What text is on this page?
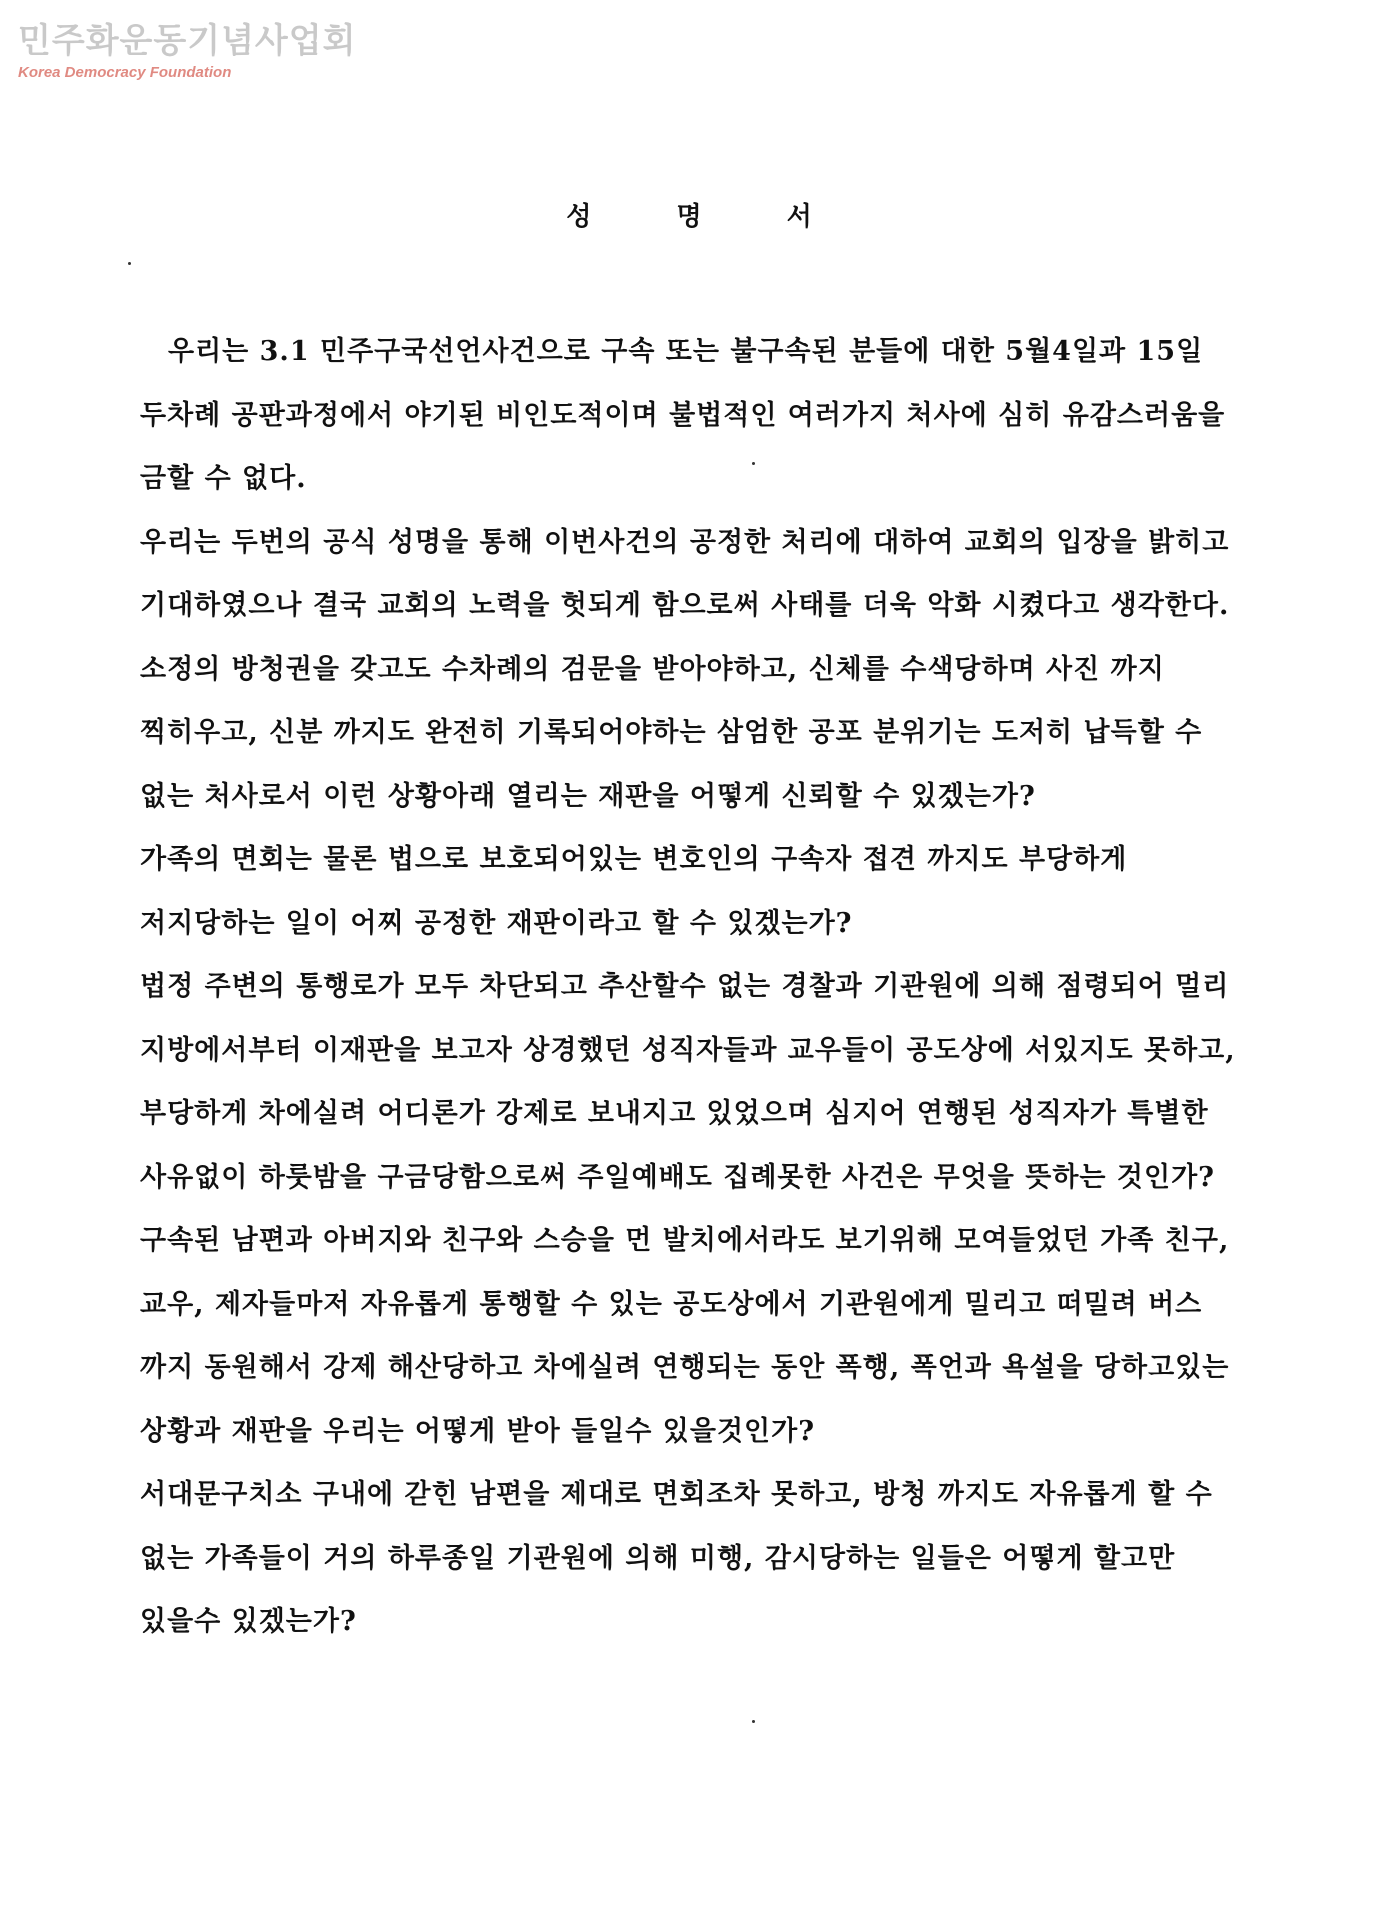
민주화운동기념사업회
Korea Democracy Foundation
성	명	서

우리는 3.1 민주구국선언사건으로 구속 또는 불구속된 분들에 대한 5월4일과 15일 두차례 공판과정에서 야기된 비인도적이며 불법적인 여러가지 처사에 심히 유감스러움을 금할 수 없다.

우리는 두번의 공식 성명을 통해 이번사건의 공정한 처리에 대하여 교회의 입장을 밝히고 기대하였으나 결국 교회의 노력을 헛되게 함으로써 사태를 더욱 악화 시켰다고 생각한다.

소정의 방청권을 갖고도 수차례의 검문을 받아야하고, 신체를 수색당하며 사진 까지 찍히우고, 신분 까지도 완전히 기록되어야하는 삼엄한 공포 분위기는 도저히 납득할 수 없는 처사로서 이런 상황아래 열리는 재판을 어떻게 신뢰할 수 있겠는가?

가족의 면회는 물론 법으로 보호되어있는 변호인의 구속자 접견 까지도 부당하게 저지당하는 일이 어찌 공정한 재판이라고 할 수 있겠는가?

법정 주변의 통행로가 모두 차단되고 추산할수 없는 경찰과 기관원에 의해 점령되어 멀리 지방에서부터 이재판을 보고자 상경했던 성직자들과 교우들이 공도상에 서있지도 못하고, 부당하게 차에실려 어디론가 강제로 보내지고 있었으며 심지어 연행된 성직자가 특별한 사유없이 하룻밤을 구금당함으로써 주일예배도 집례못한 사건은 무엇을 뜻하는 것인가?

구속된 남편과 아버지와 친구와 스승을 먼 발치에서라도 보기위해 모여들었던 가족 친구, 교우, 제자들마저 자유롭게 통행할 수 있는 공도상에서 기관원에게 밀리고 떠밀려 버스 까지 동원해서 강제 해산당하고 차에실려 연행되는 동안 폭행, 폭언과 욕설을 당하고있는 상황과 재판을 우리는 어떻게 받아 들일수 있을것인가?

서대문구치소 구내에 갇힌 남편을 제대로 면회조차 못하고, 방청 까지도 자유롭게 할 수 없는 가족들이 거의 하루종일 기관원에 의해 미행, 감시당하는 일들은 어떻게 할고만 있을수 있겠는가?
